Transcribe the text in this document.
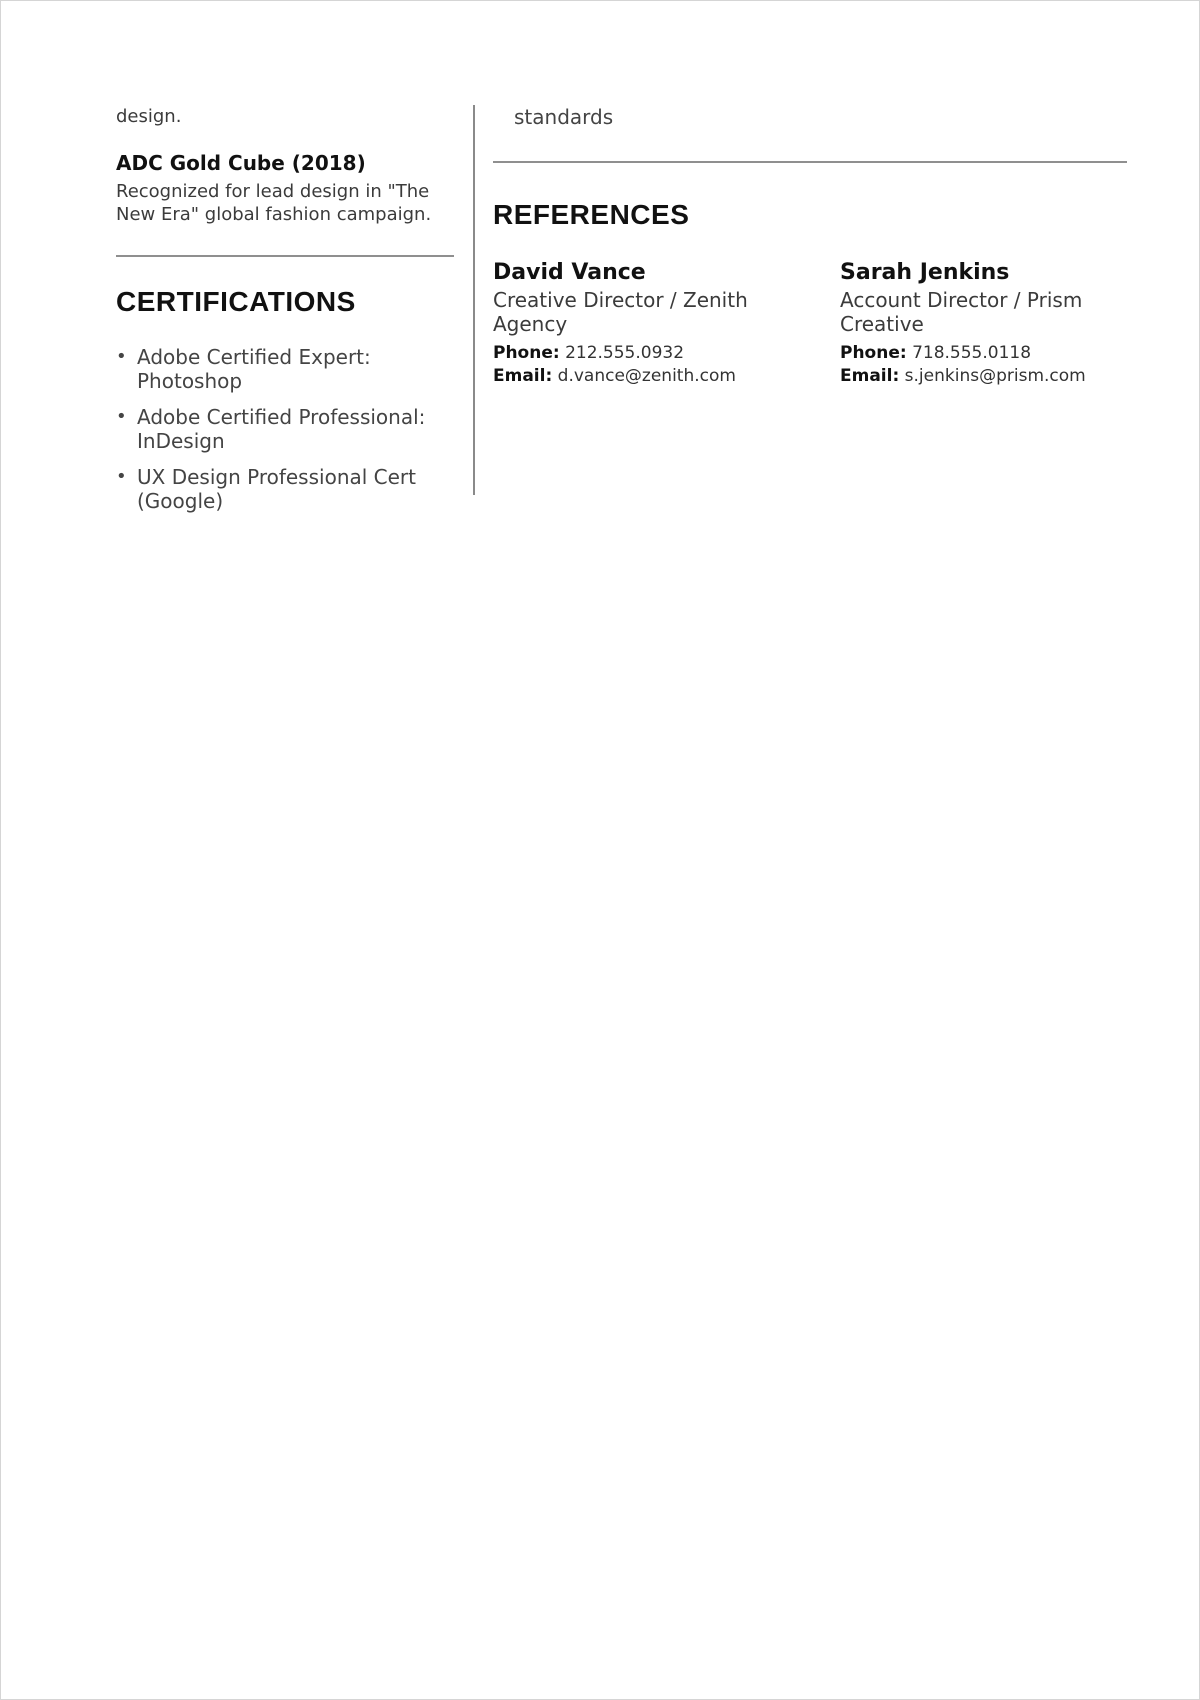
design.
ADC Gold Cube (2018)
Recognized for lead design in "The New Era" global fashion campaign.
CERTIFICATIONS
• Adobe Certified Expert: Photoshop
• Adobe Certified Professional: InDesign
• UX Design Professional Cert (Google)
standards
REFERENCES
David Vance
Creative Director / Zenith Agency
Phone: 212.555.0932
Email: d.vance@zenith.com
Sarah Jenkins
Account Director / Prism Creative
Phone: 718.555.0118
Email: s.jenkins@prism.com
